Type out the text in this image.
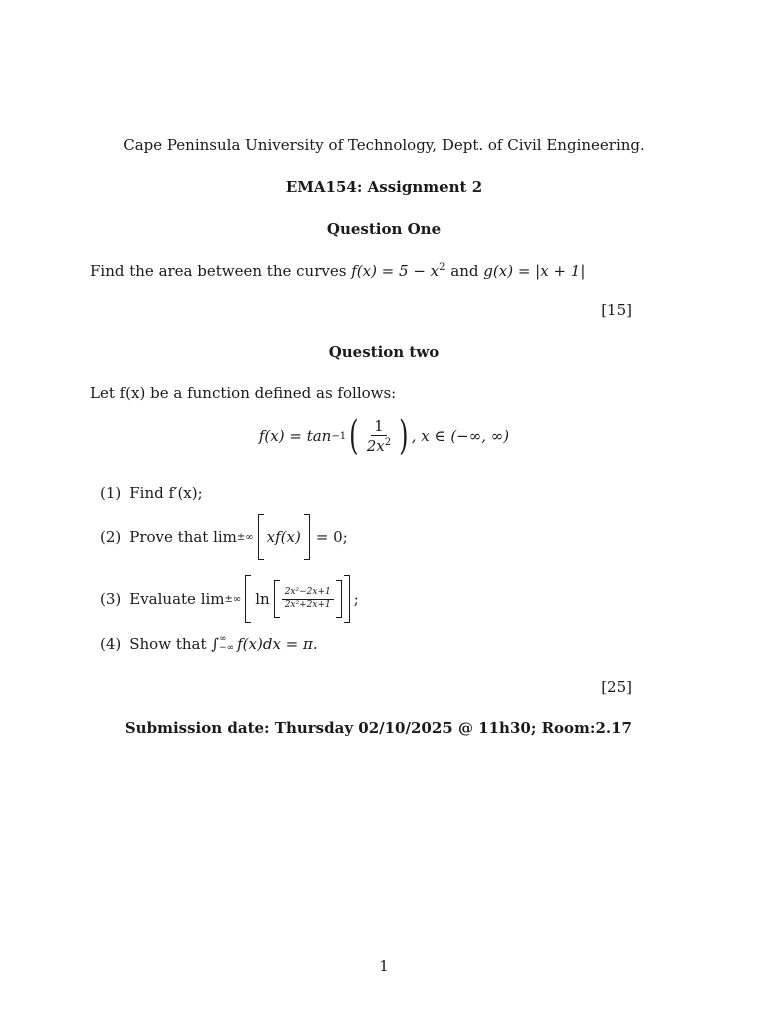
Cape Peninsula University of Technology, Dept. of Civil Engineering.
EMA154: Assignment 2
Question One
Find the area between the curves $f(x) = 5 - x^2$ and g(x) = |x + 1|
[15]
Question two
Let f(x) be a function defined as follows:
f(x) = tan −1 ( $\frac{1}{2x^2}$ ) , x ∈ (−∞, ∞)
(1) Find f′(x);
(2) Prove that lim ±∞ xf(x) = 0;
(3) Evaluate lim ±∞ ln	$\frac{\text{2x²−2x+1}}{\text{2x²+2x+1}}$ ;
(4) Show that ∫ ∞
−∞ f(x)dx = π.
[25]
Submission date: Thursday 02/10/2025 @ 11h30; Room:2.17
1
